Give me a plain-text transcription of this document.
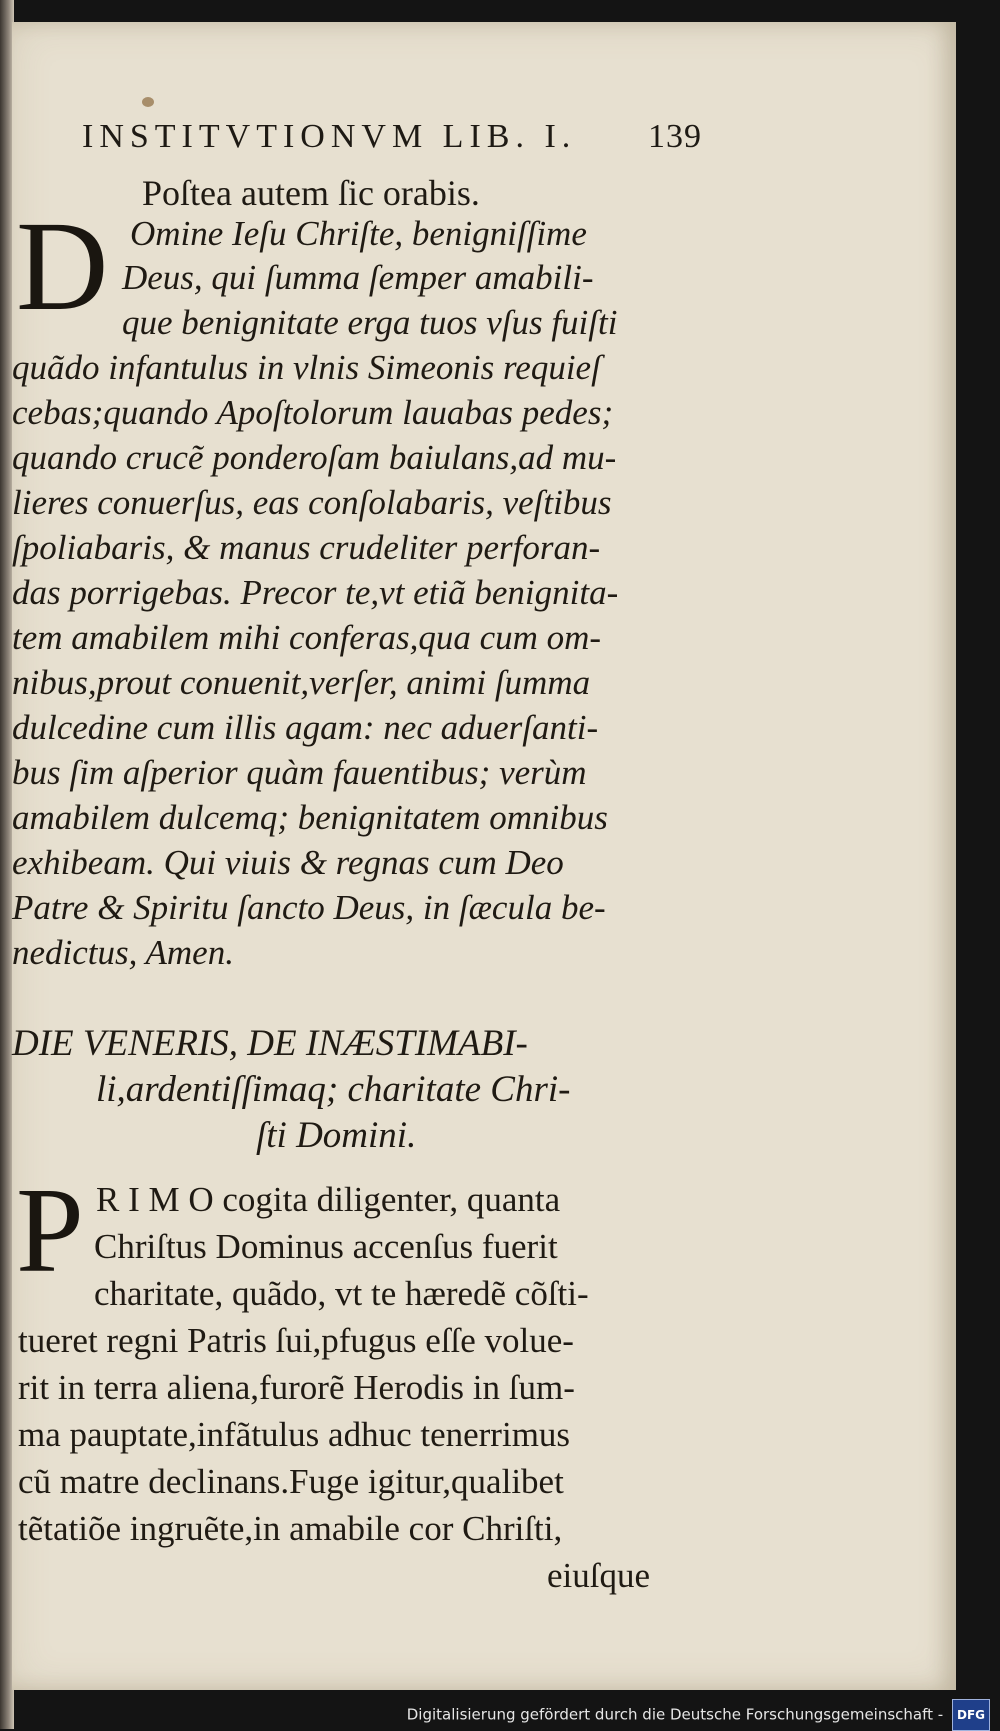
INSTITVTIONVM LIB. I. 139
Poſtea autem ſic orabis.
D Omine Ieſu Chriſte, benigniſſime
Deus, qui ſumma ſemper amabili-
que benignitate erga tuos vſus fuiſti
quãdo infantulus in vlnis Simeonis requieſ
cebas;quando Apoſtolorum lauabas pedes;
quando crucẽ ponderoſam baiulans,ad mu-
lieres conuerſus, eas conſolabaris, veſtibus
ſpoliabaris, & manus crudeliter perforan-
das porrigebas. Precor te,vt etiã benignita-
tem amabilem mihi conferas,qua cum om-
nibus,prout conuenit,verſer, animi ſumma
dulcedine cum illis agam: nec aduerſanti-
bus ſim aſperior quàm fauentibus; verùm
amabilem dulcemq; benignitatem omnibus
exhibeam. Qui viuis & regnas cum Deo
Patre & Spiritu ſancto Deus, in ſæcula be-
nedictus, Amen.
DIE VENERIS, DE INÆSTIMABI-
li,ardentiſſimaq; charitate Chri-
ſti Domini.
P R I M O cogita diligenter, quanta
Chriſtus Dominus accenſus fuerit
charitate, quãdo, vt te hæredẽ cõſti-
tueret regni Patris ſui,pfugus eſſe volue-
rit in terra aliena,furorẽ Herodis in ſum-
ma pauptate,infãtulus adhuc tenerrimus
cũ matre declinans.Fuge igitur,qualibet
tẽtatiõe ingruẽte,in amabile cor Chriſti,
eiuſque
Digitalisierung gefördert durch die Deutsche Forschungsgemeinschaft - DFG
